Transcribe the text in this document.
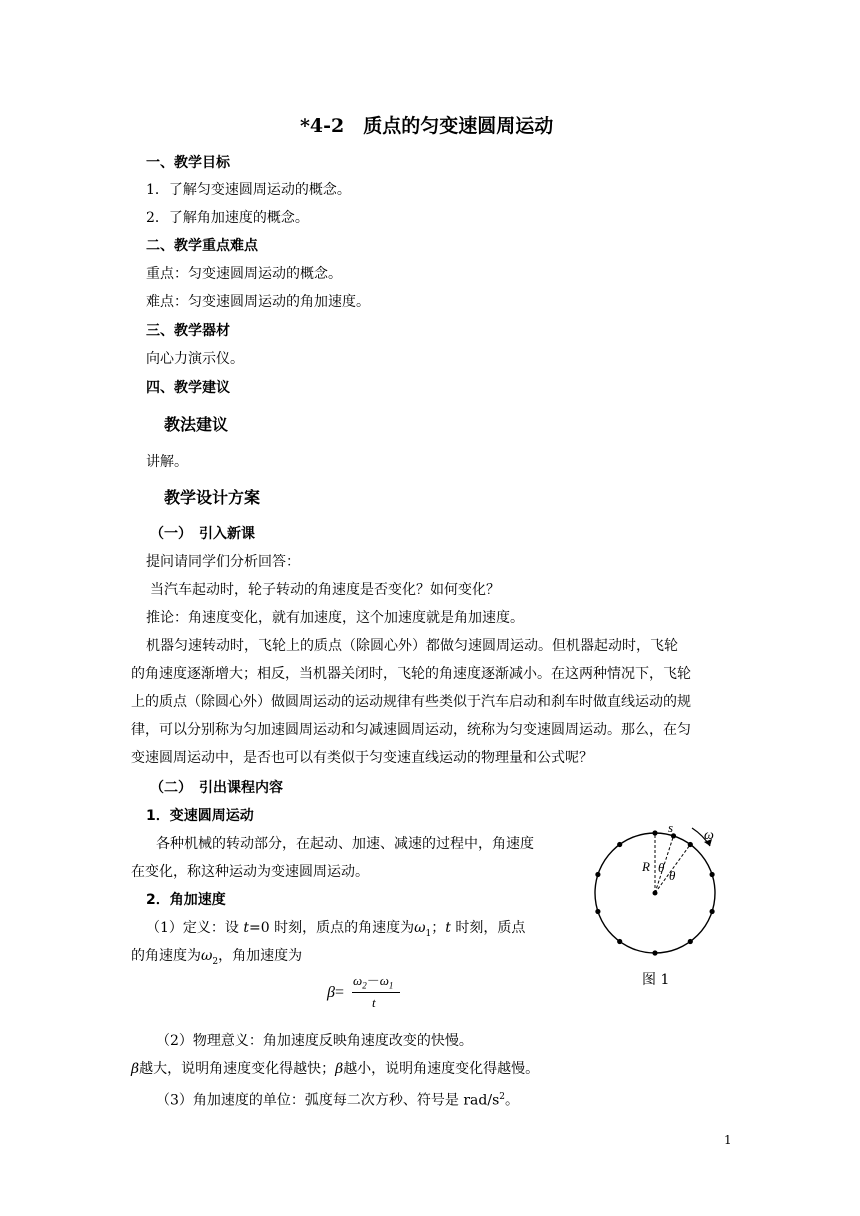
*4-2　质点的匀变速圆周运动
一、教学目标
1．了解匀变速圆周运动的概念。
2．了解角加速度的概念。
二、教学重点难点
重点：匀变速圆周运动的概念。
难点：匀变速圆周运动的角加速度。
三、教学器材
向心力演示仪。
四、教学建议
教法建议
讲解。
教学设计方案
（一）　引入新课
提问请同学们分析回答：
当汽车起动时，轮子转动的角速度是否变化？如何变化？
推论：角速度变化，就有加速度，这个加速度就是角加速度。
机器匀速转动时，飞轮上的质点（除圆心外）都做匀速圆周运动。但机器起动时，飞轮
的角速度逐渐增大；相反，当机器关闭时，飞轮的角速度逐渐减小。在这两种情况下，飞轮
上的质点（除圆心外）做圆周运动的运动规律有些类似于汽车启动和刹车时做直线运动的规
律，可以分别称为匀加速圆周运动和匀减速圆周运动，统称为匀变速圆周运动。那么，在匀
变速圆周运动中，是否也可以有类似于匀变速直线运动的物理量和公式呢？
（二）　引出课程内容
1．变速圆周运动
各种机械的转动部分，在起动、加速、减速的过程中，角速度
在变化，称这种运动为变速圆周运动。
2．角加速度
（1）定义：设 t=0 时刻，质点的角速度为$\omega_1$；t 时刻，质点
的角速度为$\omega_2$，角加速度为
β=
$\omega_2-\omega_1$
t
（2）物理意义：角加速度反映角速度改变的快慢。
β越大，说明角速度变化得越快；β越小，说明角速度变化得越慢。
（3）角加速度的单位：弧度每二次方秒、符号是 rad/$s^2$。
s
ω
R θ
θ
图 1
1
